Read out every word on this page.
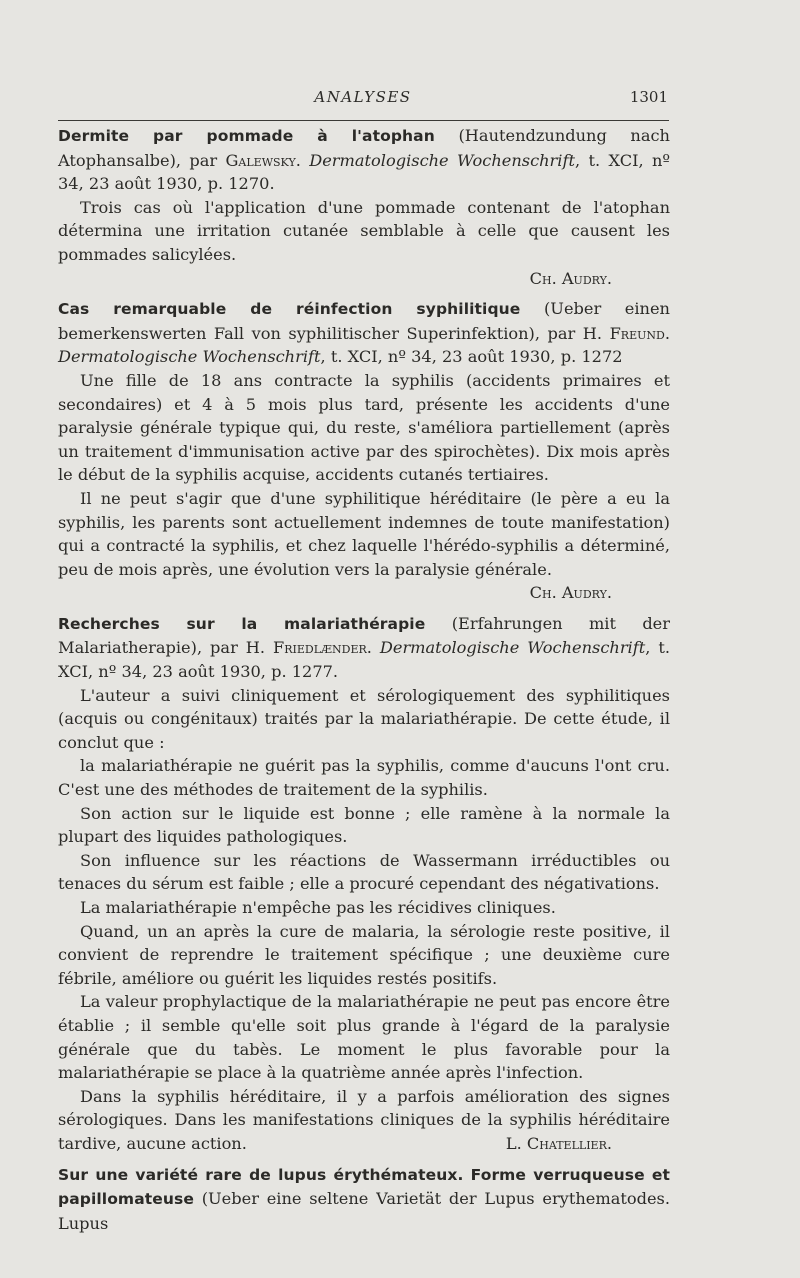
ANALYSES	1301

Dermite par pommade à l'atophan (Hautendzundung nach Atophansalbe), par Galewsky. Dermatologische Wochenschrift, t. XCI, nº 34, 23 août 1930, p. 1270.

Trois cas où l'application d'une pommade contenant de l'atophan détermina une irritation cutanée semblable à celle que causent les pommades salicylées.

Ch. Audry.

Cas remarquable de réinfection syphilitique (Ueber einen bemerkenswerten Fall von syphilitischer Superinfektion), par H. Freund. Dermatologische Wochenschrift, t. XCI, nº 34, 23 août 1930, p. 1272

Une fille de 18 ans contracte la syphilis (accidents primaires et secondaires) et 4 à 5 mois plus tard, présente les accidents d'une paralysie générale typique qui, du reste, s'améliora partiellement (après un traitement d'immunisation active par des spirochètes). Dix mois après le début de la syphilis acquise, accidents cutanés tertiaires.

Il ne peut s'agir que d'une syphilitique héréditaire (le père a eu la syphilis, les parents sont actuellement indemnes de toute manifestation) qui a contracté la syphilis, et chez laquelle l'hérédo-syphilis a déterminé, peu de mois après, une évolution vers la paralysie générale.

Ch. Audry.

Recherches sur la malariathérapie (Erfahrungen mit der Malariatherapie), par H. Friedlænder. Dermatologische Wochenschrift, t. XCI, nº 34, 23 août 1930, p. 1277.

L'auteur a suivi cliniquement et sérologiquement des syphilitiques (acquis ou congénitaux) traités par la malariathérapie. De cette étude, il conclut que :

la malariathérapie ne guérit pas la syphilis, comme d'aucuns l'ont cru. C'est une des méthodes de traitement de la syphilis.

Son action sur le liquide est bonne ; elle ramène à la normale la plupart des liquides pathologiques.

Son influence sur les réactions de Wassermann irréductibles ou tenaces du sérum est faible ; elle a procuré cependant des négativations.

La malariathérapie n'empêche pas les récidives cliniques.

Quand, un an après la cure de malaria, la sérologie reste positive, il convient de reprendre le traitement spécifique ; une deuxième cure fébrile, améliore ou guérit les liquides restés positifs.

La valeur prophylactique de la malariathérapie ne peut pas encore être établie ; il semble qu'elle soit plus grande à l'égard de la paralysie générale que du tabès. Le moment le plus favorable pour la malariathérapie se place à la quatrième année après l'infection.

Dans la syphilis héréditaire, il y a parfois amélioration des signes sérologiques. Dans les manifestations cliniques de la syphilis héréditaire tardive, aucune action.	L. Chatellier.

Sur une variété rare de lupus érythémateux. Forme verruqueuse et papillomateuse (Ueber eine seltene Varietät der Lupus erythematodes. Lupus
